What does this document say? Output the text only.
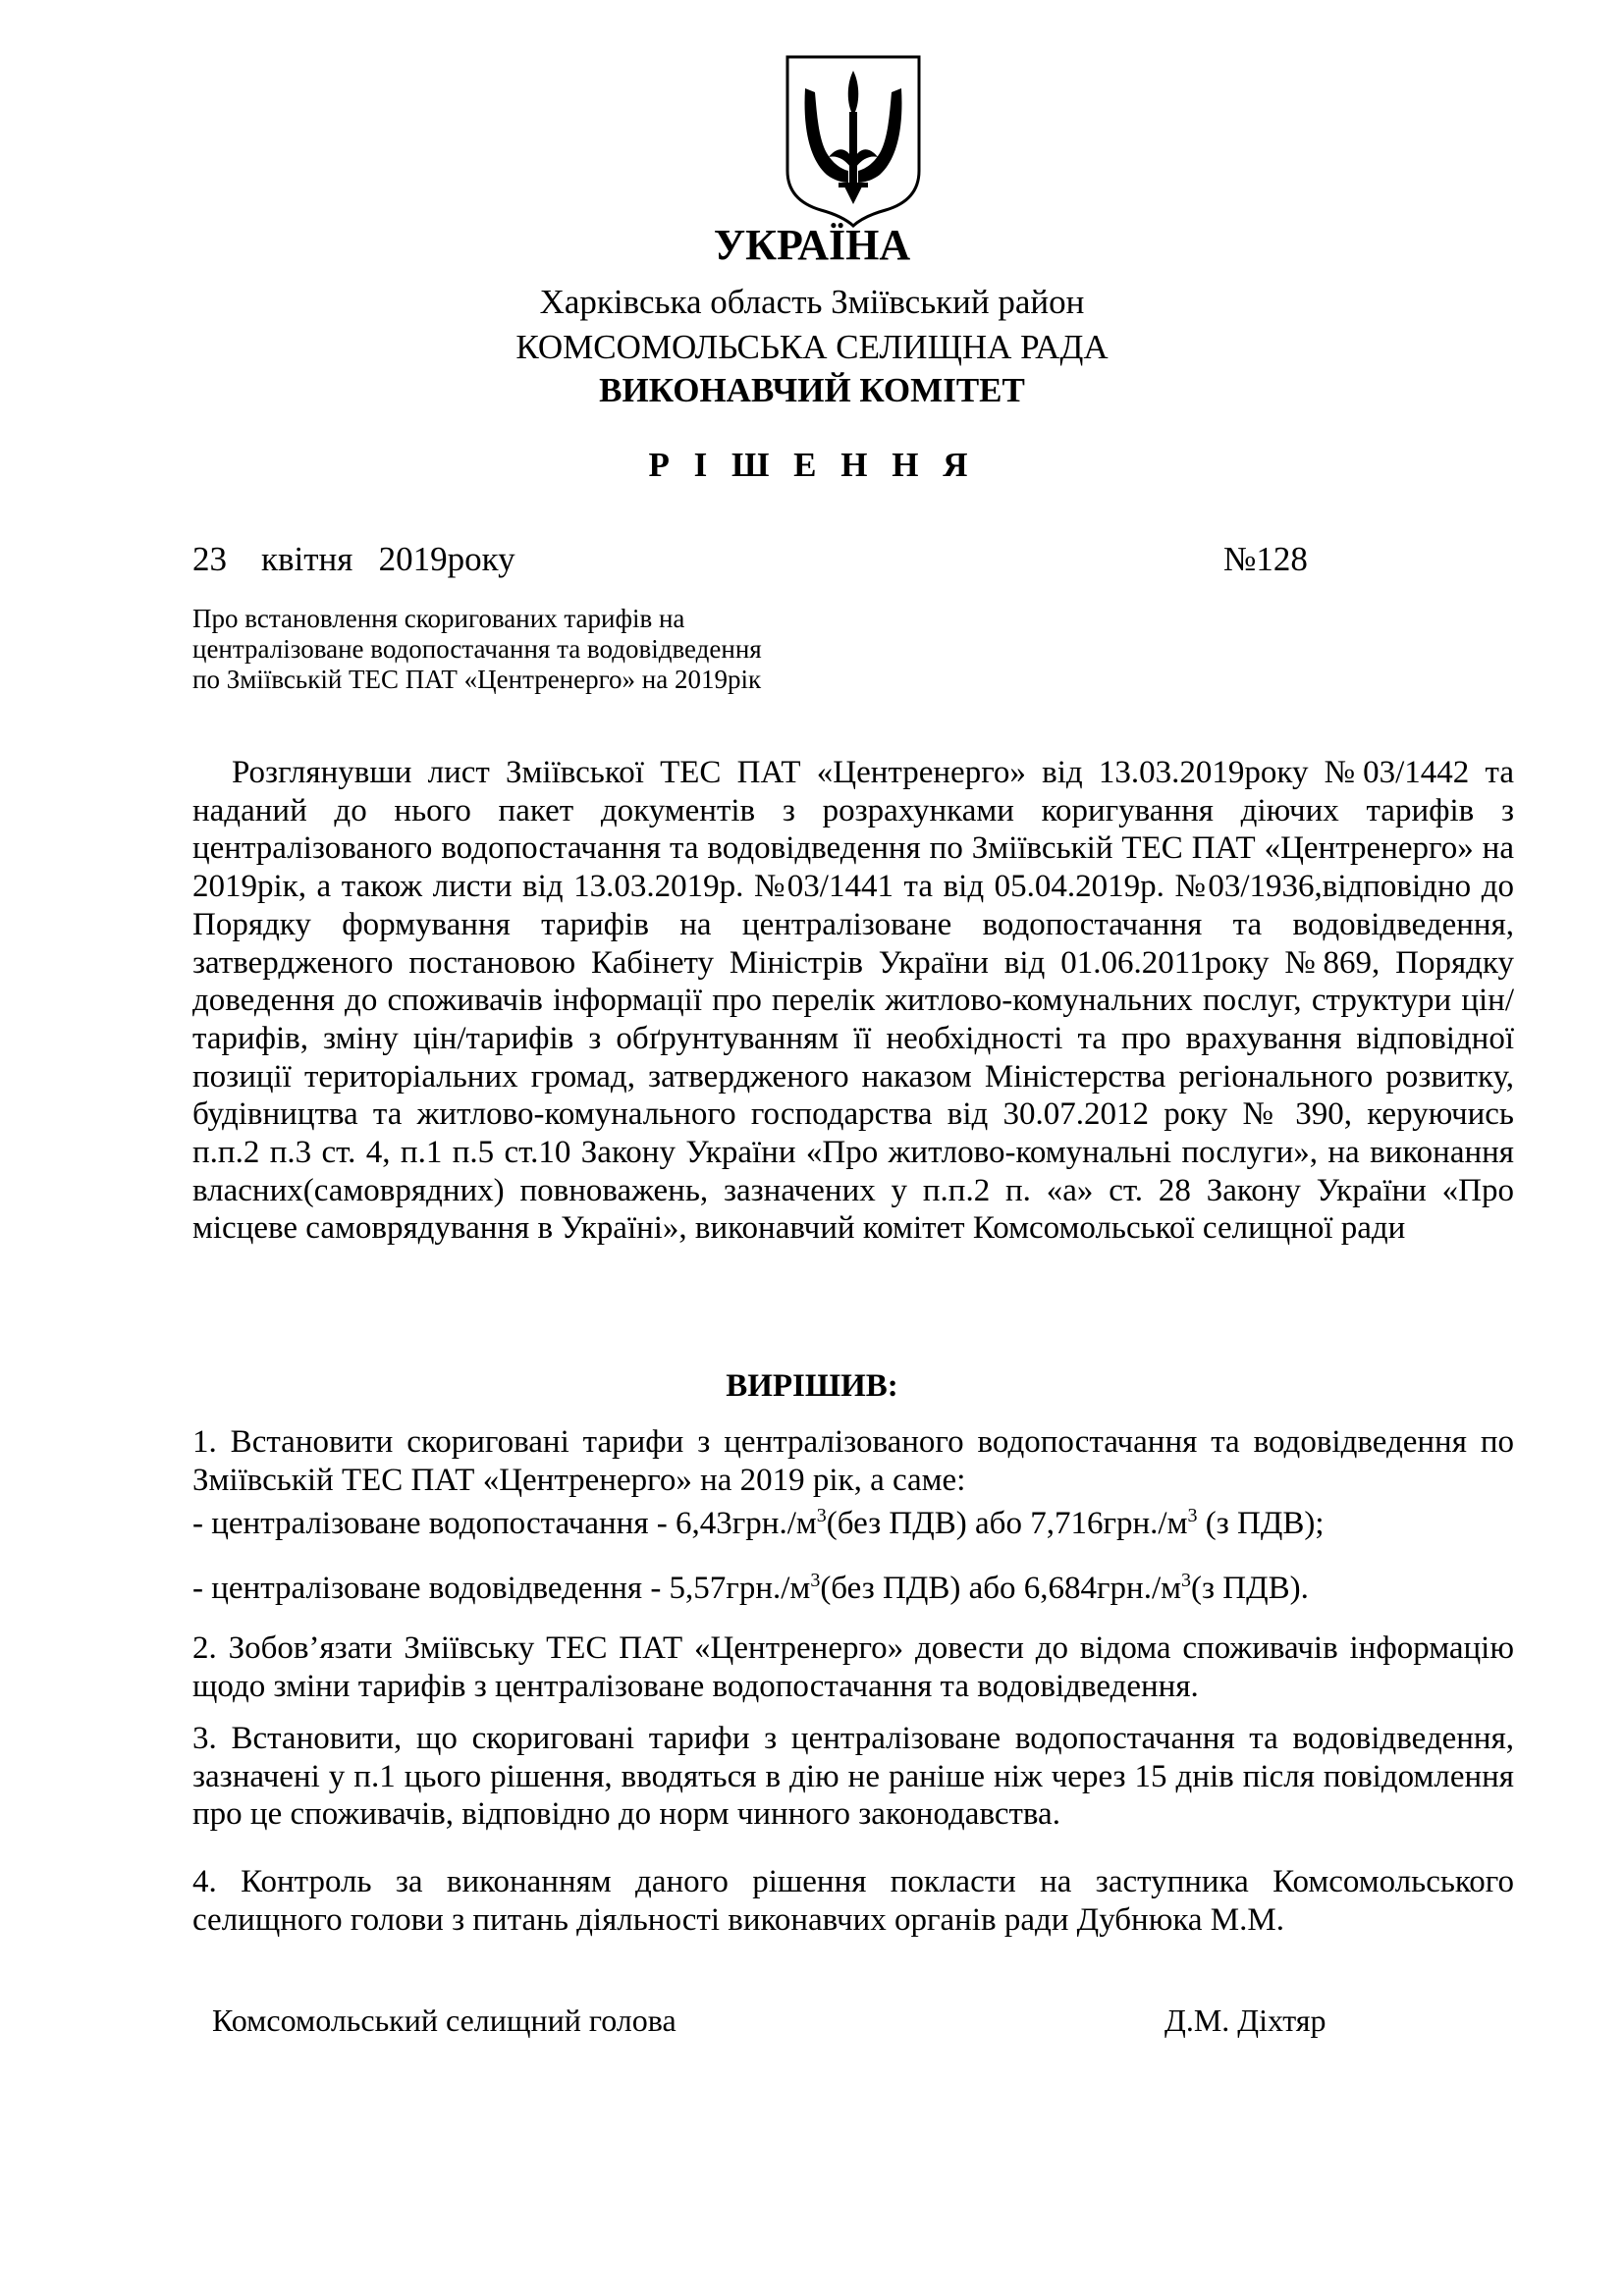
УКРАЇНА
Харківська область Зміївський район
КОМСОМОЛЬСЬКА СЕЛИЩНА РАДА
ВИКОНАВЧИЙ КОМІТЕТ
Р І Ш Е Н Н Я
23    квітня   2019року	№128
Про встановлення скоригованих тарифів на
централізоване водопостачання та водовідведення
по Зміївській ТЕС ПАТ «Центренерго» на 2019рік

Розглянувши лист Зміївської ТЕС ПАТ «Центренерго» від 13.03.2019року №03/1442 та наданий до нього пакет документів з розрахунками коригування діючих тарифів з централізованого водопостачання та водовідведення по Зміївській ТЕС ПАТ «Центренерго» на 2019рік, а також листи від 13.03.2019р. №03/1441 та від 05.04.2019р. №03/1936,відповідно до Порядку формування тарифів на централізоване водопостачання та водовідведення, затвердженого постановою Кабінету Міністрів України від 01.06.2011року №869, Порядку доведення до споживачів інформації про перелік житлово-комунальних послуг, структури цін/тарифів, зміну цін/тарифів з обґрунтуванням її необхідності та про врахування відповідної позиції територіальних громад, затвердженого наказом Міністерства регіонального розвитку, будівництва та житлово-комунального господарства від 30.07.2012 року № 390, керуючись п.п.2 п.3 ст. 4, п.1 п.5 ст.10 Закону України «Про житлово-комунальні послуги», на виконання власних(самоврядних) повноважень, зазначених у п.п.2 п. «а» ст. 28 Закону України «Про місцеве самоврядування в Україні», виконавчий комітет Комсомольської селищної ради

ВИРІШИВ:

1. Встановити скориговані тарифи з централізованого водопостачання та водовідведення по Зміївській ТЕС ПАТ «Центренерго» на 2019 рік, а саме:

- централізоване водопостачання - $6,43грн./м^3(без$ ПДВ) або $7,716грн./м^3$ (з ПДВ);
- централізоване водовідведення - $5,57грн./м^3(без$ ПДВ) або $6,684грн./м^3(з$ ПДВ).

2. Зобов’язати Зміївську ТЕС ПАТ «Центренерго» довести до відома споживачів інформацію щодо зміни тарифів з централізоване водопостачання та водовідведення.

3. Встановити, що скориговані тарифи з централізоване водопостачання та водовідведення, зазначені у п.1 цього рішення, вводяться в дію не раніше ніж через 15 днів після повідомлення про це споживачів, відповідно до норм чинного законодавства.

4. Контроль за виконанням даного рішення покласти на заступника Комсомольського селищного голови з питань діяльності виконавчих органів ради Дубнюка М.М.

Комсомольський селищний голова	Д.М. Діхтяр
